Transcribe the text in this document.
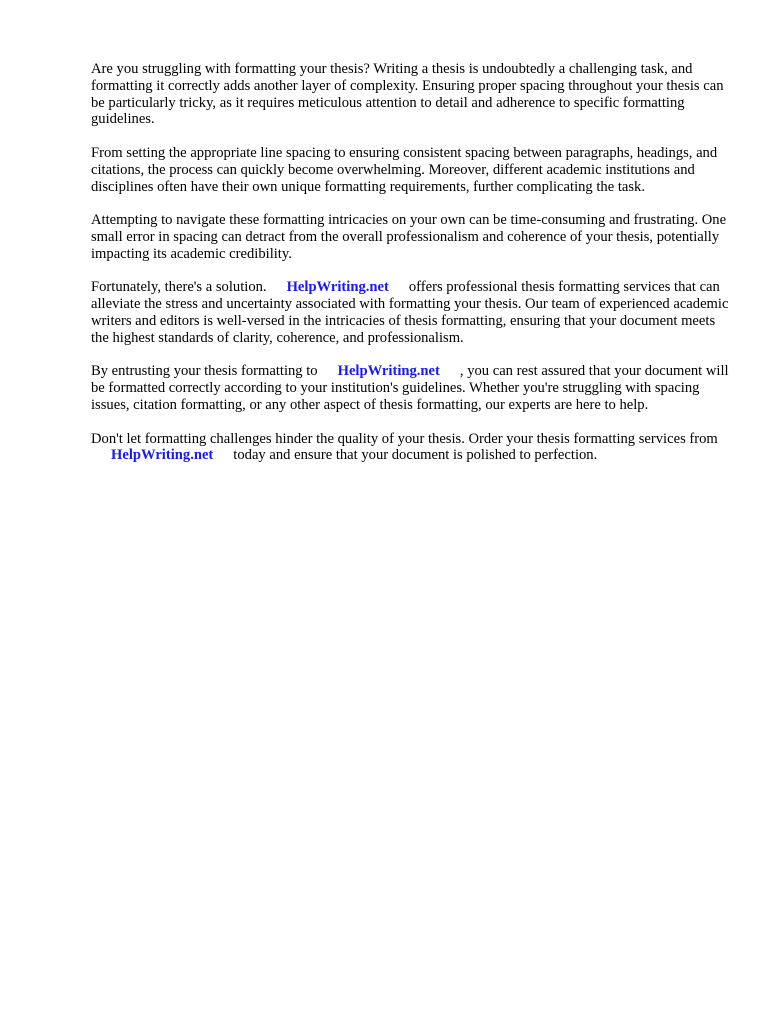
Are you struggling with formatting your thesis? Writing a thesis is undoubtedly a challenging task, and formatting it correctly adds another layer of complexity. Ensuring proper spacing throughout your thesis can be particularly tricky, as it requires meticulous attention to detail and adherence to specific formatting guidelines.

From setting the appropriate line spacing to ensuring consistent spacing between paragraphs, headings, and citations, the process can quickly become overwhelming. Moreover, different academic institutions and disciplines often have their own unique formatting requirements, further complicating the task.

Attempting to navigate these formatting intricacies on your own can be time-consuming and frustrating. One small error in spacing can detract from the overall professionalism and coherence of your thesis, potentially impacting its academic credibility.

Fortunately, there's a solution. HelpWriting.net offers professional thesis formatting services that can alleviate the stress and uncertainty associated with formatting your thesis. Our team of experienced academic writers and editors is well-versed in the intricacies of thesis formatting, ensuring that your document meets the highest standards of clarity, coherence, and professionalism.

By entrusting your thesis formatting to HelpWriting.net , you can rest assured that your document will be formatted correctly according to your institution's guidelines. Whether you're struggling with spacing issues, citation formatting, or any other aspect of thesis formatting, our experts are here to help.

Don't let formatting challenges hinder the quality of your thesis. Order your thesis formatting services fromHelpWriting.net today and ensure that your document is polished to perfection.
